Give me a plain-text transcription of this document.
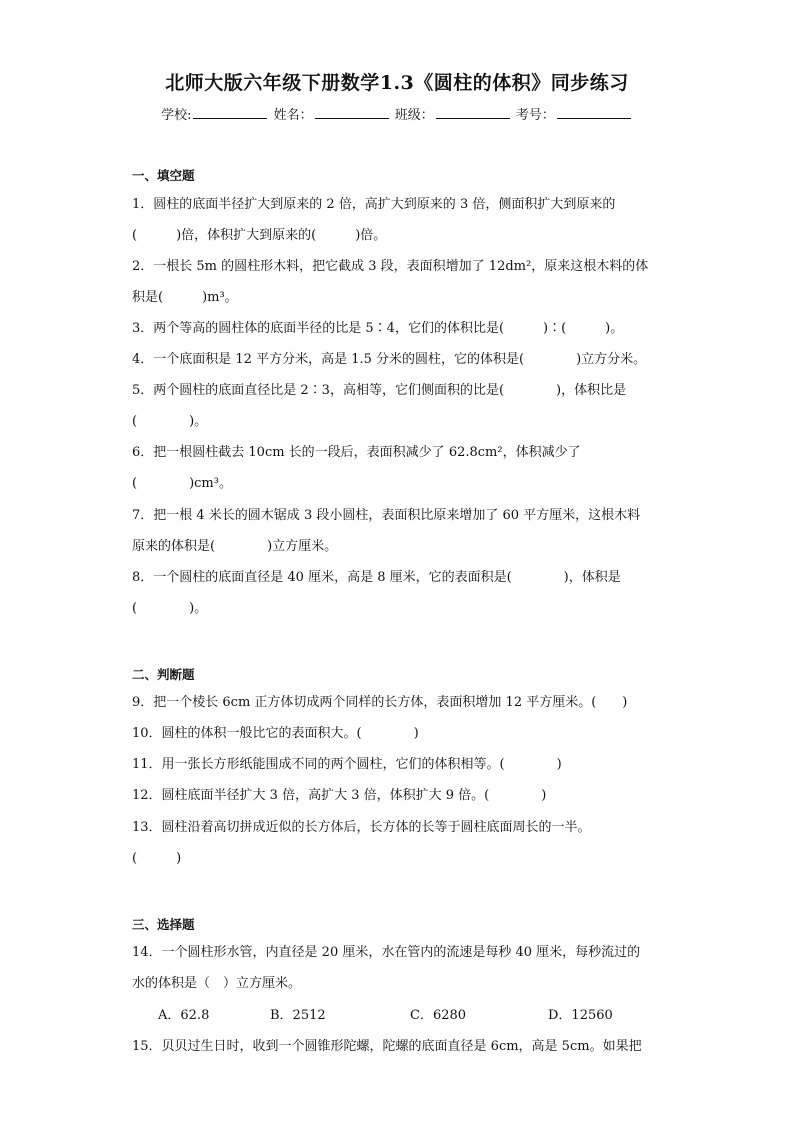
北师大版六年级下册数学1.3《圆柱的体积》同步练习
学校:	姓名：	班级：	考号：
一、填空题
1．圆柱的底面半径扩大到原来的 2 倍，高扩大到原来的 3 倍，侧面积扩大到原来的
(　　　)倍，体积扩大到原来的(　　　)倍。
2．一根长 5m 的圆柱形木料，把它截成 3 段，表面积增加了 12dm²，原来这根木料的体
积是(　　　)m³。
3．两个等高的圆柱体的底面半径的比是 5∶4，它们的体积比是(　　　)∶(　　　)。
4．一个底面积是 12 平方分米，高是 1.5 分米的圆柱，它的体积是(　　　　)立方分米。
5．两个圆柱的底面直径比是 2∶3，高相等，它们侧面积的比是(　　　　)，体积比是
(　　　　)。
6．把一根圆柱截去 10cm 长的一段后，表面积减少了 62.8cm²，体积减少了
(　　　　)cm³。
7．把一根 4 米长的圆木锯成 3 段小圆柱，表面积比原来增加了 60 平方厘米，这根木料
原来的体积是(　　　　)立方厘米。
8．一个圆柱的底面直径是 40 厘米，高是 8 厘米，它的表面积是(　　　　)，体积是
(　　　　)。
二、判断题
9．把一个棱长 6cm 正方体切成两个同样的长方体，表面积增加 12 平方厘米。(　　)
10．圆柱的体积一般比它的表面积大。(　　　　)
11．用一张长方形纸能围成不同的两个圆柱，它们的体积相等。(　　　　)
12．圆柱底面半径扩大 3 倍，高扩大 3 倍，体积扩大 9 倍。(　　　　)
13．圆柱沿着高切拼成近似的长方体后，长方体的长等于圆柱底面周长的一半。
(　　　)
三、选择题
14．一个圆柱形水管，内直径是 20 厘米，水在管内的流速是每秒 40 厘米，每秒流过的
水的体积是（　）立方厘米。
A．62.8	B．2512	C．6280	D．12560
15．贝贝过生日时，收到一个圆锥形陀螺，陀螺的底面直径是 6cm，高是 5cm。如果把
